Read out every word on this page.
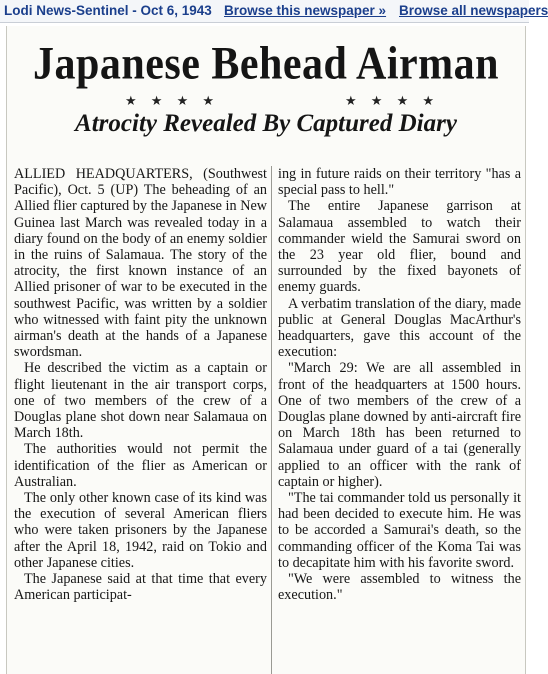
Lodi News-Sentinel - Oct 6, 1943 Browse this newspaper » Browse all newspapers
Japanese Behead Airman
★ ★ ★ ★	★ ★ ★ ★
Atrocity Revealed By Captured Diary

ALLIED HEADQUARTERS, (Southwest Pacific), Oct. 5 (UP) The beheading of an Allied flier captured by the Japanese in New Guinea last March was revealed today in a diary found on the body of an enemy soldier in the ruins of Salamaua. The story of the atrocity, the first known instance of an Allied prisoner of war to be executed in the southwest Pacific, was written by a soldier who witnessed with faint pity the unknown airman's death at the hands of a Japanese swordsman.

He described the victim as a captain or flight lieutenant in the air transport corps, one of two members of the crew of a Douglas plane shot down near Salamaua on March 18th.

The authorities would not permit the identification of the flier as American or Australian.

The only other known case of its kind was the execution of several American fliers who were taken prisoners by the Japanese after the April 18, 1942, raid on Tokio and other Japanese cities.

The Japanese said at that time that every American participat-

ing in future raids on their territory "has a special pass to hell."

The entire Japanese garrison at Salamaua assembled to watch their commander wield the Samurai sword on the 23 year old flier, bound and surrounded by the fixed bayonets of enemy guards.

A verbatim translation of the diary, made public at General Douglas MacArthur's headquarters, gave this account of the execution:

"March 29: We are all assembled in front of the headquarters at 1500 hours. One of two members of the crew of a Douglas plane downed by anti-aircraft fire on March 18th has been returned to Salamaua under guard of a tai (generally applied to an officer with the rank of captain or higher).

"The tai commander told us personally it had been decided to execute him. He was to be accorded a Samurai's death, so the commanding officer of the Koma Tai was to decapitate him with his favorite sword.

"We were assembled to witness the execution."
